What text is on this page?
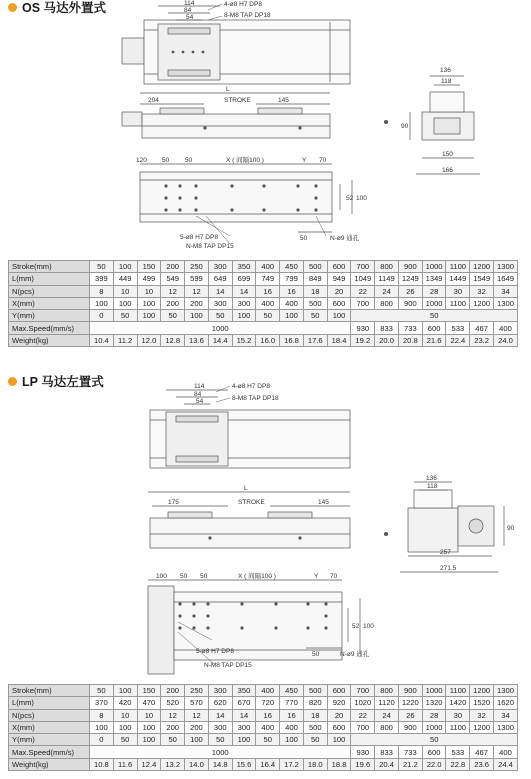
OS 马达外置式	114
84
54
4-ø8 H7 DP8
8-M8 TAP DP18
L
204	STROKE	145
136
118
90
150
166
120 50 50	X ( 间隔100 )	Y 70
52 100
50	N-ø9 通孔
5-ø8 H7 DP8
N-M8 TAP DP15
Stroke(mm)	50	100	150	200	250	300	350	400	450	500	600	700	800	900	1000	1100	1200	1300
L(mm)	399	449	499	549	599	649	699	749	799	849	949	1049	1149	1249	1349	1449	1549	1649
N(pcs)	8	10	10	12	12	14	14	16	16	18	20	22	24	26	28	30	32	34
X(mm)	100	100	100	200	200	300	300	400	400	500	600	700	800	900	1000	1100	1200	1300
Y(mm)	0	50	100	50	100	50	100	50	100	50	100	50						
Max.Speed(mm/s)	1000											930	833	733	600	533	467	400
Weight(kg)	10.4	11.2	12.0	12.8	13.6	14.4	15.2	16.0	16.8	17.6	18.4	19.2	20.0	20.8	21.6	22.4	23.2	24.0
LP 马达左置式	114
84
54
4-ø8 H7 DP8
8-M8 TAP DP18
L
175	STROKE	145
136
118
90
257
271.5
100 50 50	X ( 间隔100 )	Y 70
52 100
50	N-ø9 通孔
5-ø8 H7 DP8
N-M8 TAP DP15
Stroke(mm)	50	100	150	200	250	300	350	400	450	500	600	700	800	900	1000	1100	1200	1300
L(mm)	370	420	470	520	570	620	670	720	770	820	920	1020	1120	1220	1320	1420	1520	1620
N(pcs)	8	10	10	12	12	14	14	16	16	18	20	22	24	26	28	30	32	34
X(mm)	100	100	100	200	200	300	300	400	400	500	600	700	800	900	1000	1100	1200	1300
Y(mm)	0	50	100	50	100	50	100	50	100	50	100	50						
Max.Speed(mm/s)	1000											930	833	733	600	533	467	400
Weight(kg)	10.8	11.6	12.4	13.2	14.0	14.8	15.6	16.4	17.2	18.0	18.8	19.6	20.4	21.2	22.0	22.8	23.6	24.4
